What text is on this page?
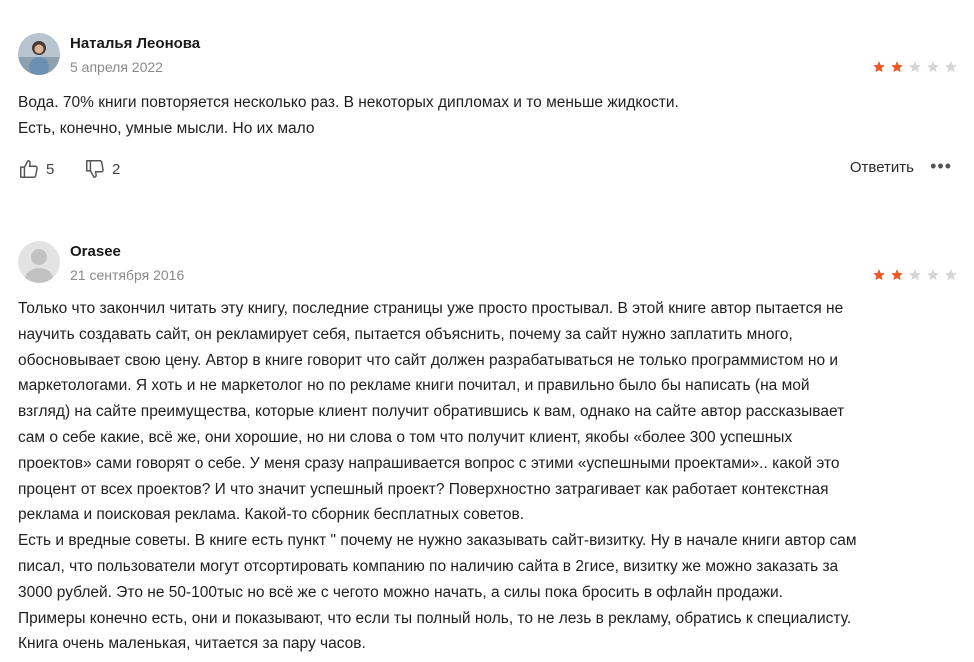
Наталья Леонова
5 апреля 2022

Вода. 70% книги повторяется несколько раз. В некоторых дипломах и то меньше жидкости.

Есть, конечно, умные мысли. Но их мало

5	2	Ответить •••
Orasee
21 сентября 2016

Только что закончил читать эту книгу, последние страницы уже просто простывал. В этой книге автор пытается не

научить создавать сайт, он рекламирует себя, пытается объяснить, почему за сайт нужно заплатить много,

обосновывает свою цену. Автор в книге говорит что сайт должен разрабатываться не только программистом но и

маркетологами. Я хоть и не маркетолог но по рекламе книги почитал, и правильно было бы написать (на мой

взгляд) на сайте преимущества, которые клиент получит обратившись к вам, однако на сайте автор рассказывает

сам о себе какие, всё же, они хорошие, но ни слова о том что получит клиент, якобы «более 300 успешных

проектов» сами говорят о себе. У меня сразу напрашивается вопрос с этими «успешными проектами».. какой это

процент от всех проектов? И что значит успешный проект? Поверхностно затрагивает как работает контекстная

реклама и поисковая реклама. Какой-то сборник бесплатных советов.

Есть и вредные советы. В книге есть пункт " почему не нужно заказывать сайт-визитку. Ну в начале книги автор сам

писал, что пользователи могут отсортировать компанию по наличию сайта в 2гисе, визитку же можно заказать за

3000 рублей. Это не 50-100тыс но всё же с чегото можно начать, а силы пока бросить в офлайн продажи.

Примеры конечно есть, они и показывают, что если ты полный ноль, то не лезь в рекламу, обратись к специалисту.

Книга очень маленькая, читается за пару часов.
